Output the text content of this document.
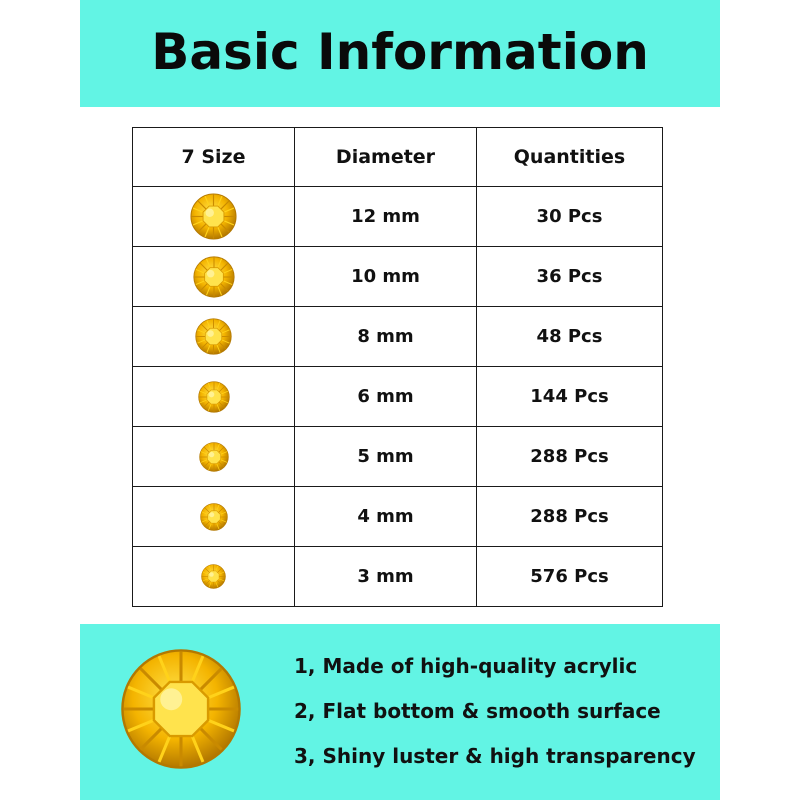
Basic Information
7 Size	Diameter	Quantities

	12 mm	30 Pcs

	10 mm	36 Pcs

	8 mm	48 Pcs

	6 mm	144 Pcs

	5 mm	288 Pcs

	4 mm	288 Pcs

	3 mm	576 Pcs
1, Made of high-quality acrylic
2, Flat bottom & smooth surface
3, Shiny luster & high transparency
